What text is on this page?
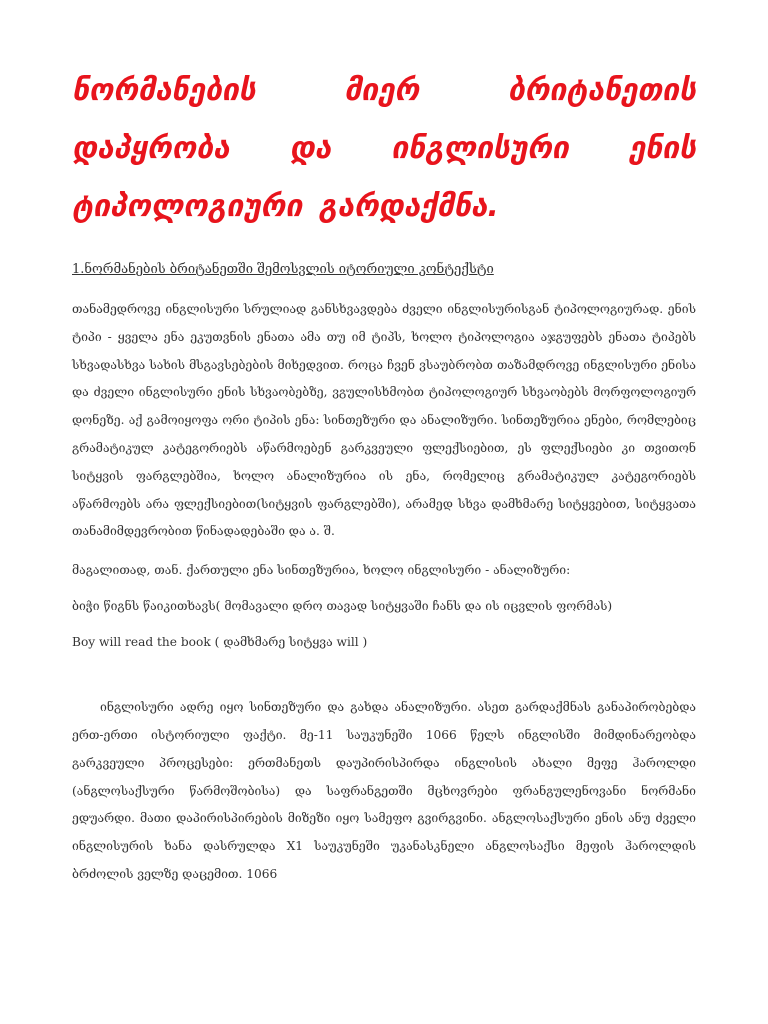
ნორმანების მიერ ბრიტანეთის დაპყრობა და ინგლისური ენის ტიპოლოგიური გარდაქმნა.
1.ნორმანების ბრიტანეთში შემოსვლის იტორიული კონტექსტი

თანამედროვე ინგლისური სრულიად განსხვავდება ძველი ინგლისურისგან ტიპოლოგიურად. ენის ტიპი - ყველა ენა ეკუთვნის ენათა ამა თუ იმ ტიპს, ხოლო ტიპოლოგია აჯგუფებს ენათა ტიპებს სხვადასხვა სახის მსგავსებების მიხედვით. როცა ჩვენ ვსაუბრობთ თაზამდროვე ინგლისური ენისა და ძველი ინგლისური ენის სხვაობებზე, ვგულისხმობთ ტიპოლოგიურ სხვაობებს მორფოლოგიურ დონეზე. აქ გამოიყოფა ორი ტიპის ენა: სინთეზური და ანალიზური. სინთეზურია ენები, რომლებიც გრამატიკულ კატეგორიებს აწარმოებენ გარკვეული ფლექსიებით, ეს ფლექსიები კი თვითონ სიტყვის ფარგლებშია, ხოლო ანალიზურია ის ენა, რომელიც გრამატიკულ კატეგორიებს აწარმოებს არა ფლექსიებით(სიტყვის ფარგლებში), არამედ სხვა დამხმარე სიტყვებით, სიტყვათა თანამიმდევრობით წინადადებაში და ა. შ.

მაგალითად, თან. ქართული ენა სინთეზურია, ხოლო ინგლისური - ანალიზური:

ბიჭი წიგნს წაიკითხავს( მომავალი დრო თავად სიტყვაში ჩანს და ის იცვლის ფორმას)

Boy will read the book ( დამხმარე სიტყვა will )

ინგლისური ადრე იყო სინთეზური და გახდა ანალიზური. ასეთ გარდაქმნას განაპირობებდა ერთ-ერთი ისტორიული ფაქტი. მე-11 საუკუნეში 1066 წელს ინგლისში მიმდინარეობდა გარკვეული პროცესები: ერთმანეთს დაუპირისპირდა ინგლისის ახალი მეფე ჰაროლდი (ანგლოსაქსური წარმოშობისა) და საფრანგეთში მცხოვრები ფრანგულენოვანი ნორმანი ედუარდი. მათი დაპირისპირების მიზეზი იყო სამეფო გვირგვინი. ანგლოსაქსური ენის ანუ ძველი ინგლისურის ხანა დასრულდა X1 საუკუნეში უკანასკნელი ანგლოსაქსი მეფის ჰაროლდის ბრძოლის ველზე დაცემით. 1066
